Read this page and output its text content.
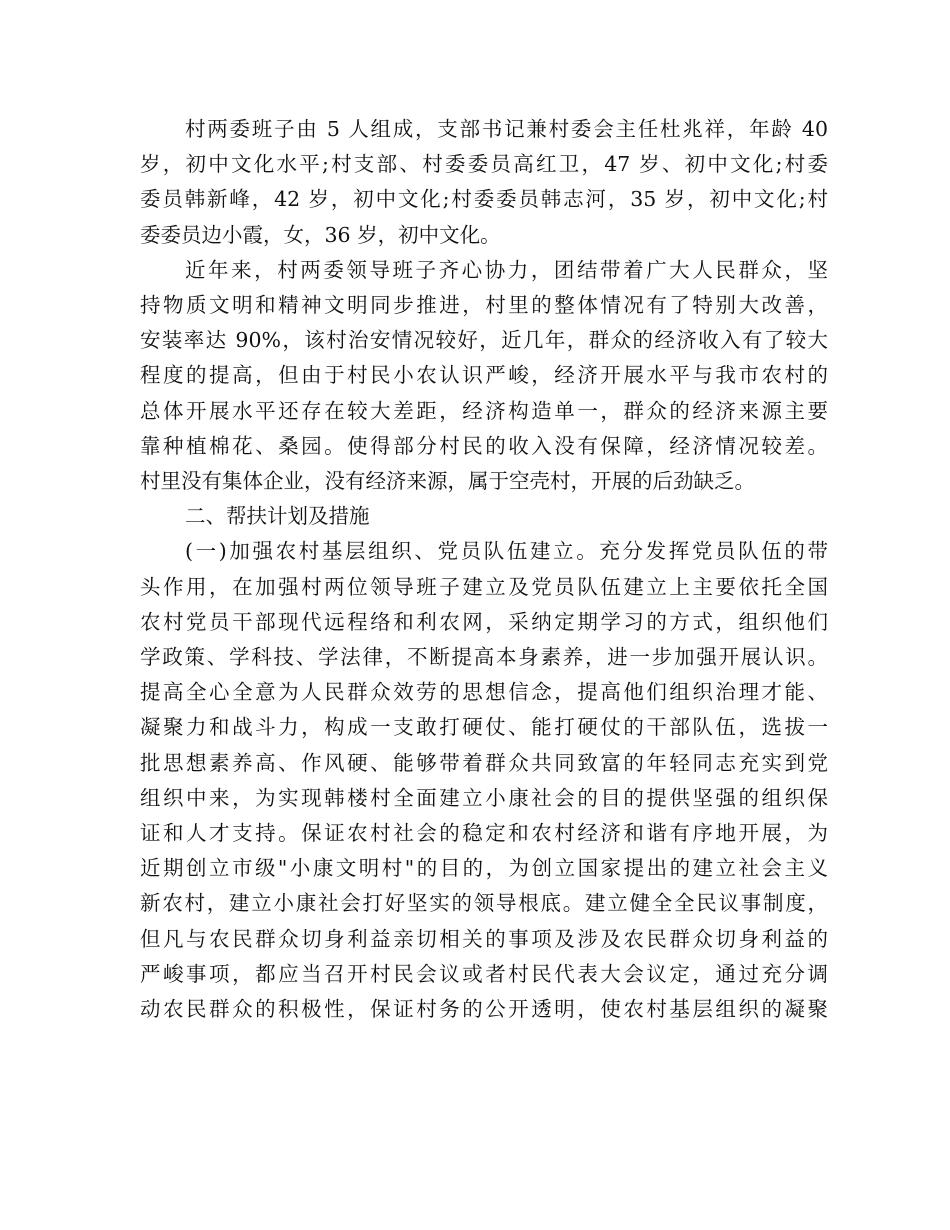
村两委班子由 5 人组成，支部书记兼村委会主任杜兆祥，年龄 40
岁，初中文化水平;村支部、村委委员高红卫，47 岁、初中文化;村委
委员韩新峰，42 岁，初中文化;村委委员韩志河，35 岁，初中文化;村
委委员边小霞，女，36 岁，初中文化。
近年来，村两委领导班子齐心协力，团结带着广大人民群众，坚
持物质文明和精神文明同步推进，村里的整体情况有了特别大改善，
安装率达 90%，该村治安情况较好，近几年，群众的经济收入有了较大
程度的提高，但由于村民小农认识严峻，经济开展水平与我市农村的
总体开展水平还存在较大差距，经济构造单一，群众的经济来源主要
靠种植棉花、桑园。使得部分村民的收入没有保障，经济情况较差。
村里没有集体企业，没有经济来源，属于空壳村，开展的后劲缺乏。
二、帮扶计划及措施
(一)加强农村基层组织、党员队伍建立。充分发挥党员队伍的带
头作用，在加强村两位领导班子建立及党员队伍建立上主要依托全国
农村党员干部现代远程络和利农网，采纳定期学习的方式，组织他们
学政策、学科技、学法律，不断提高本身素养，进一步加强开展认识。
提高全心全意为人民群众效劳的思想信念，提高他们组织治理才能、
凝聚力和战斗力，构成一支敢打硬仗、能打硬仗的干部队伍，选拔一
批思想素养高、作风硬、能够带着群众共同致富的年轻同志充实到党
组织中来，为实现韩楼村全面建立小康社会的目的提供坚强的组织保
证和人才支持。保证农村社会的稳定和农村经济和谐有序地开展，为
近期创立市级"小康文明村"的目的，为创立国家提出的建立社会主义
新农村，建立小康社会打好坚实的领导根底。建立健全全民议事制度，
但凡与农民群众切身利益亲切相关的事项及涉及农民群众切身利益的
严峻事项，都应当召开村民会议或者村民代表大会议定，通过充分调
动农民群众的积极性，保证村务的公开透明，使农村基层组织的凝聚
